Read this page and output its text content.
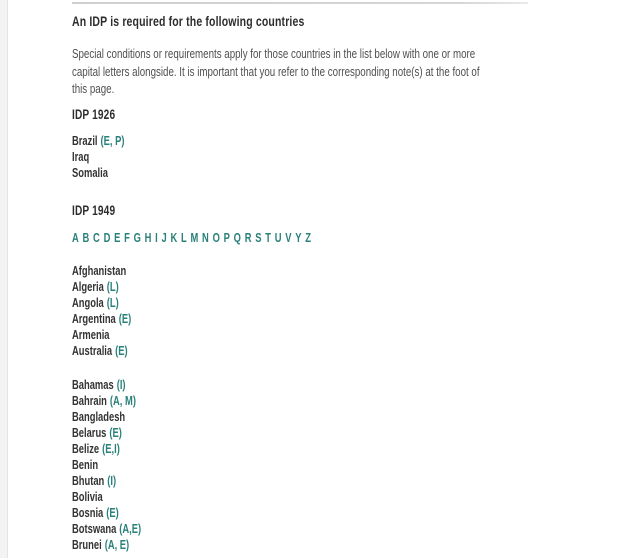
An IDP is required for the following countries

Special conditions or requirements apply for those countries in the list below with one or more
capital letters alongside. It is important that you refer to the corresponding note(s) at the foot of
this page.

IDP 1926
Brazil (E, P)
Iraq
Somalia
IDP 1949
A B C D E F G H I J K L M N O P Q R S T U V Y Z
Afghanistan
Algeria (L)
Angola (L)
Argentina (E)
Armenia
Australia (E)
Bahamas (I)
Bahrain (A, M)
Bangladesh
Belarus (E)
Belize (E,I)
Benin
Bhutan (I)
Bolivia
Bosnia (E)
Botswana (A,E)
Brunei (A, E)
